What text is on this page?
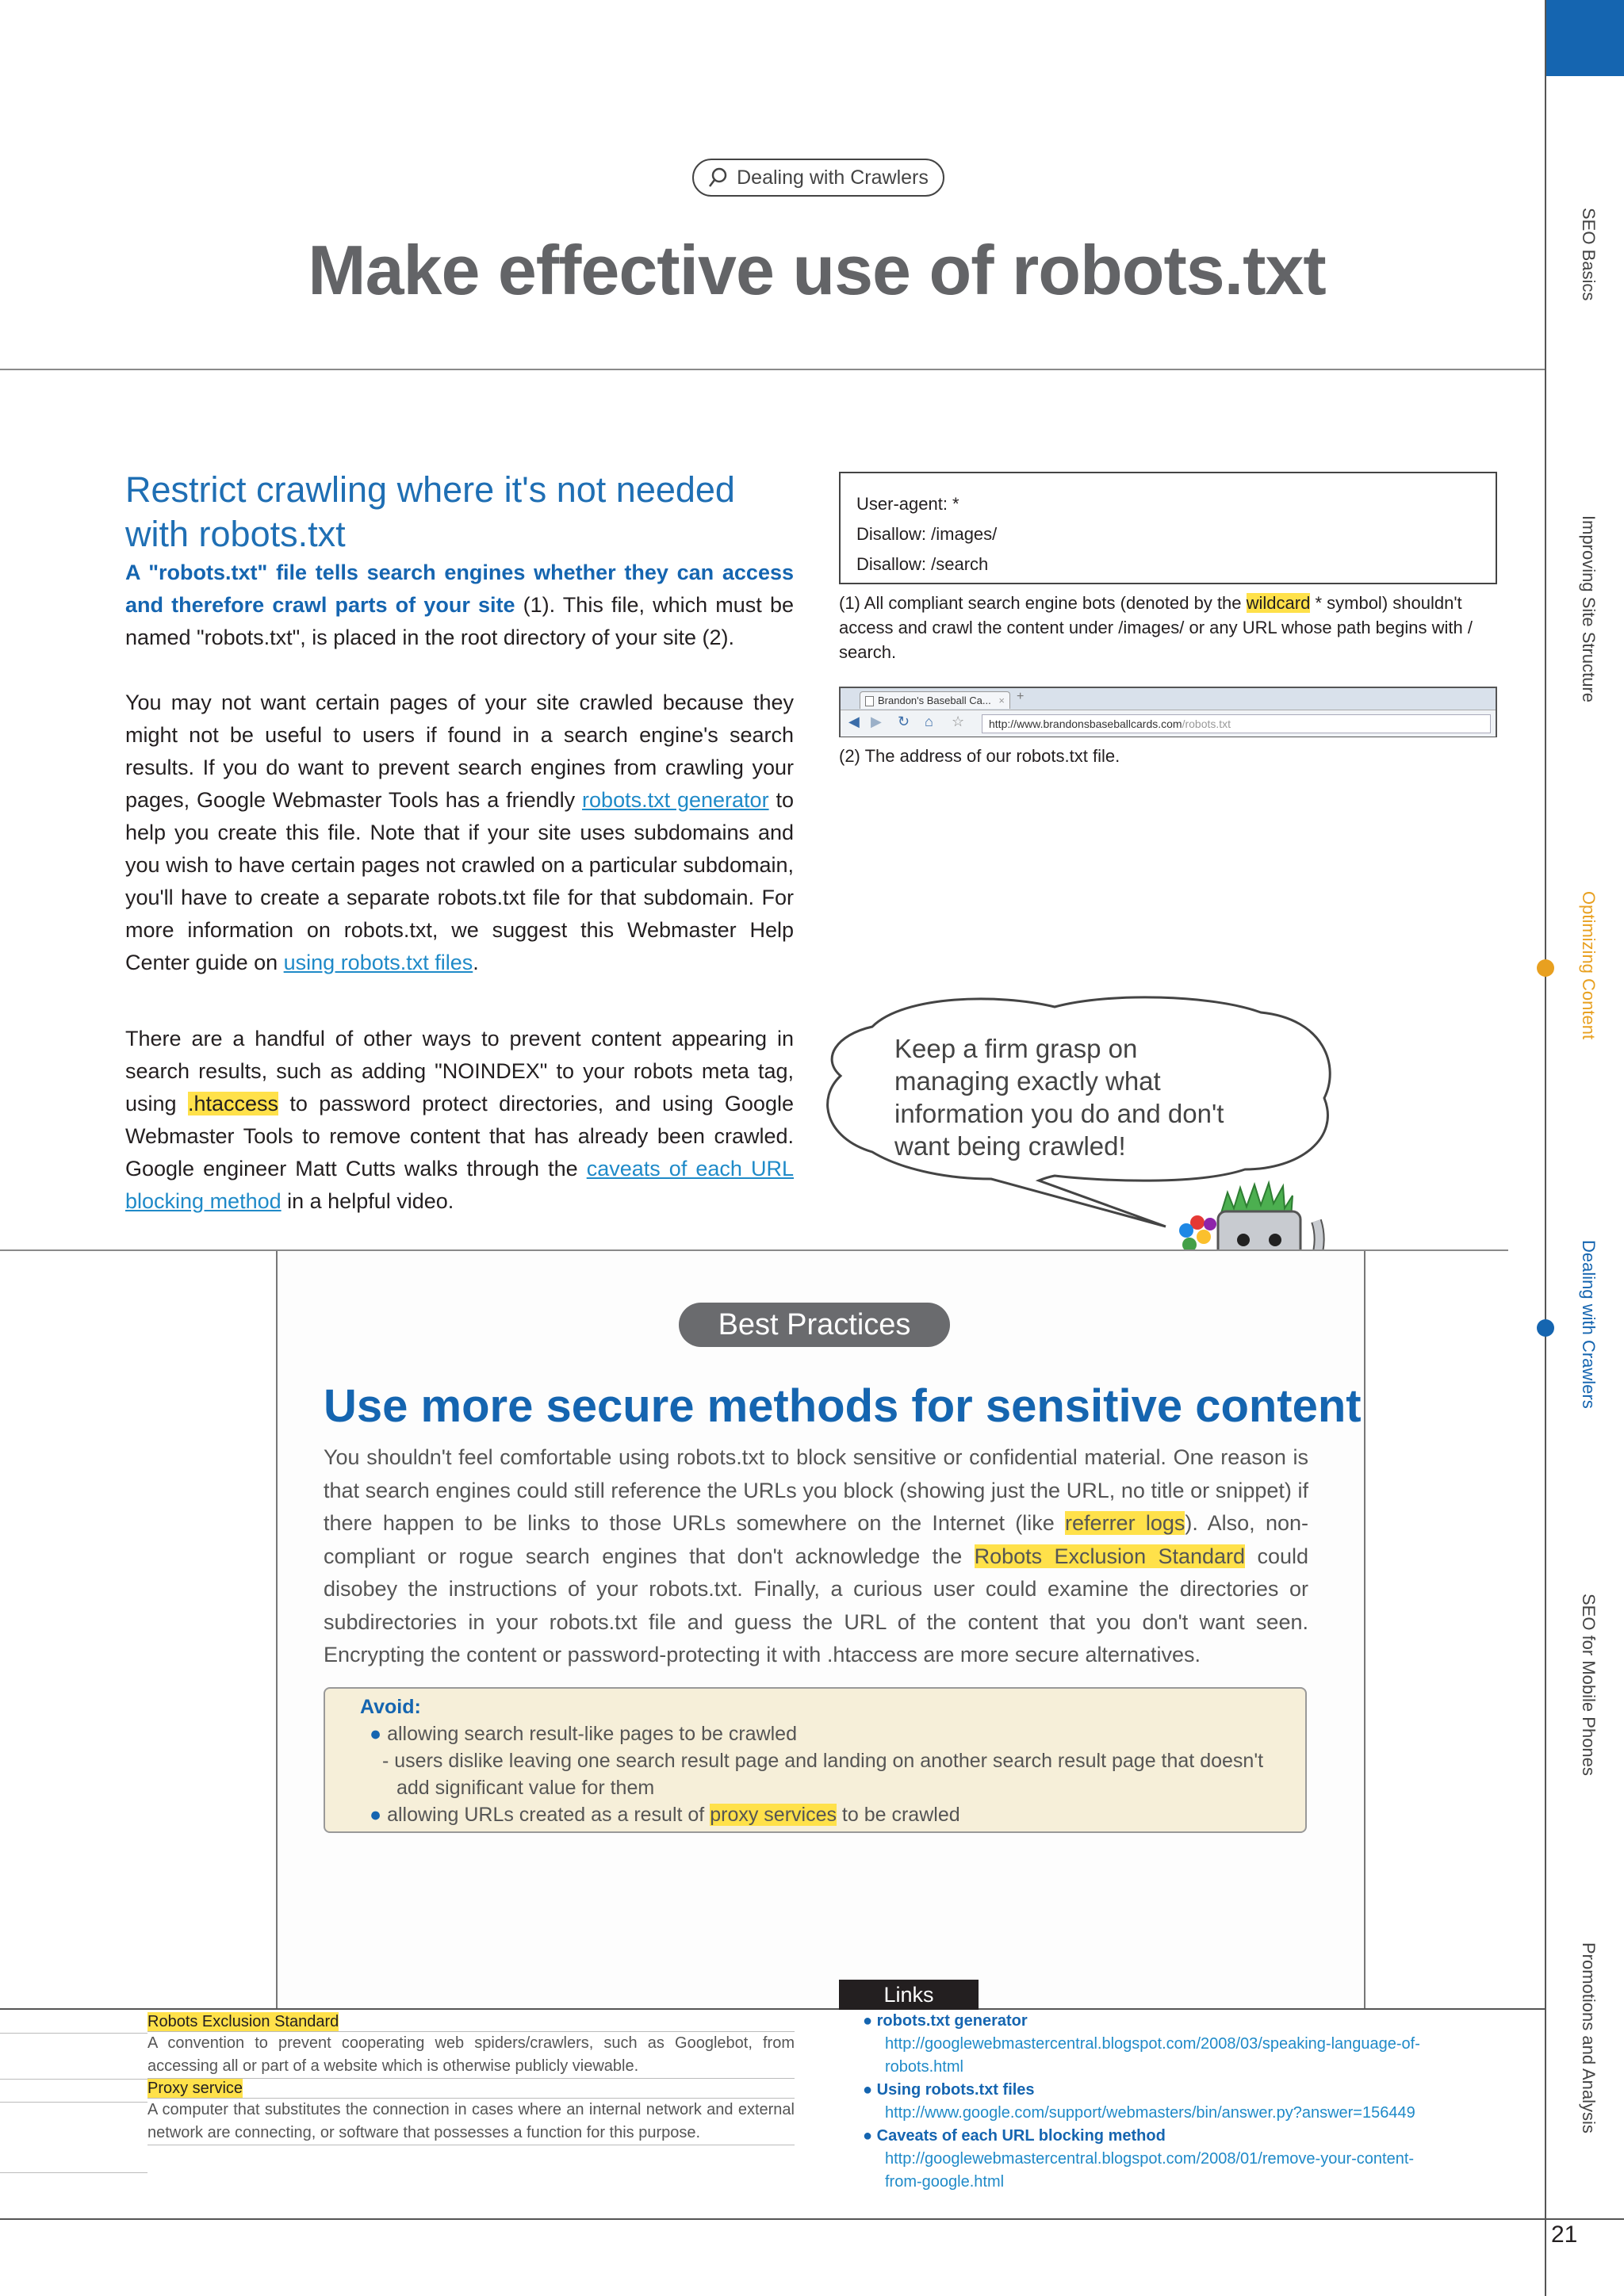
Dealing with Crawlers
Make effective use of robots.txt
Restrict crawling where it's not needed with robots.txt
A "robots.txt" file tells search engines whether they can access and therefore crawl parts of your site (1). This file, which must be named "robots.txt", is placed in the root directory of your site (2).
You may not want certain pages of your site crawled because they might not be useful to users if found in a search engine's search results. If you do want to prevent search engines from crawling your pages, Google Webmaster Tools has a friendly robots.txt generator to help you create this file. Note that if your site uses subdomains and you wish to have certain pages not crawled on a particular subdomain, you'll have to create a separate robots.txt file for that subdomain. For more information on robots.txt, we suggest this Webmaster Help Center guide on using robots.txt files.
There are a handful of other ways to prevent content appearing in search results, such as adding "NOINDEX" to your robots meta tag, using .htaccess to password protect directories, and using Google Webmaster Tools to remove content that has already been crawled. Google engineer Matt Cutts walks through the caveats of each URL blocking method in a helpful video.
User-agent: *
Disallow: /images/
Disallow: /search
(1) All compliant search engine bots (denoted by the wildcard * symbol) shouldn't access and crawl the content under /images/ or any URL whose path begins with / search.
Brandon's Baseball Ca... × +
◀ ▶ ↻ ⌂ ☆	http://www.brandonsbaseballcards.com/robots.txt
(2) The address of our robots.txt file.
Keep a firm grasp on managing exactly what information you do and don't want being crawled!
Best Practices
Use more secure methods for sensitive content
You shouldn't feel comfortable using robots.txt to block sensitive or confidential material. One reason is that search engines could still reference the URLs you block (showing just the URL, no title or snippet) if there happen to be links to those URLs somewhere on the Internet (like referrer logs). Also, non-compliant or rogue search engines that don't acknowledge the Robots Exclusion Standard could disobey the instructions of your robots.txt. Finally, a curious user could examine the directories or subdirectories in your robots.txt file and guess the URL of the content that you don't want seen. Encrypting the content or password-protecting it with .htaccess are more secure alternatives.
Avoid:
● allowing search result-like pages to be crawled
- users dislike leaving one search result page and landing on another search result page that doesn't add significant value for them
● allowing URLs created as a result of proxy services to be crawled
SEO Basics
Improving Site Structure
Optimizing Content
Dealing with Crawlers
SEO for Mobile Phones
Promotions and Analysis
Links
Robots Exclusion Standard
A convention to prevent cooperating web spiders/crawlers, such as Googlebot, from accessing all or part of a website which is otherwise publicly viewable.
Proxy service
A computer that substitutes the connection in cases where an internal network and external network are connecting, or software that possesses a function for this purpose.
● robots.txt generator
http://googlewebmastercentral.blogspot.com/2008/03/speaking-language-of-
robots.html
● Using robots.txt files
http://www.google.com/support/webmasters/bin/answer.py?answer=156449
● Caveats of each URL blocking method
http://googlewebmastercentral.blogspot.com/2008/01/remove-your-content-
from-google.html
21
